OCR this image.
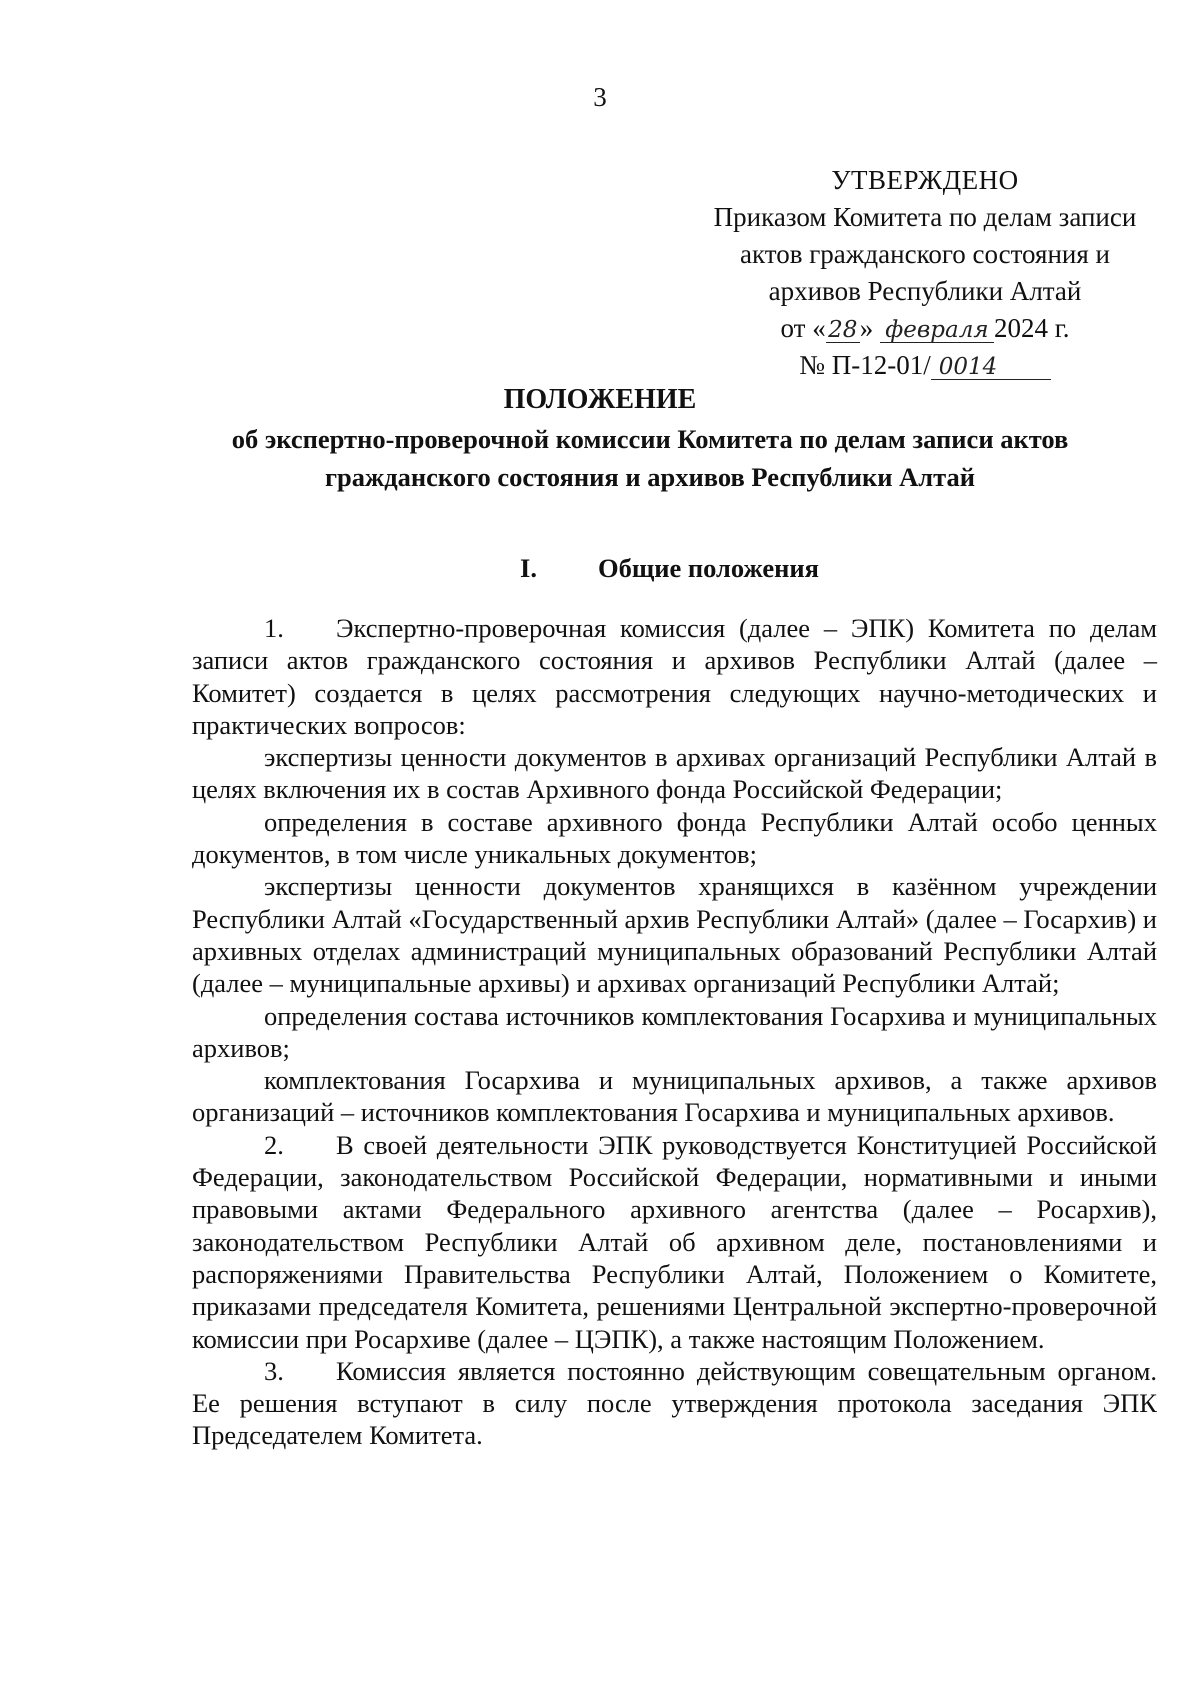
3
УТВЕРЖДЕНО
Приказом Комитета по делам записи
актов гражданского состояния и
архивов Республики Алтай
от « 28» февраля 2024 г.
№ П-12-01/ 0014
ПОЛОЖЕНИЕ
об экспертно-проверочной комиссии Комитета по делам записи актов гражданского состояния и архивов Республики Алтай
I. Общие положения

1. Экспертно-проверочная комиссия (далее – ЭПК) Комитета по делам записи актов гражданского состояния и архивов Республики Алтай (далее – Комитет) создается в целях рассмотрения следующих научно-методических и практических вопросов:

экспертизы ценности документов в архивах организаций Республики Алтай в целях включения их в состав Архивного фонда Российской Федерации;

определения в составе архивного фонда Республики Алтай особо ценных документов, в том числе уникальных документов;

экспертизы ценности документов хранящихся в казённом учреждении Республики Алтай «Государственный архив Республики Алтай» (далее – Госархив) и архивных отделах администраций муниципальных образований Республики Алтай (далее – муниципальные архивы) и архивах организаций Республики Алтай;

определения состава источников комплектования Госархива и муниципальных архивов;

комплектования Госархива и муниципальных архивов, а также архивов организаций – источников комплектования Госархива и муниципальных архивов.

2. В своей деятельности ЭПК руководствуется Конституцией Российской Федерации, законодательством Российской Федерации, нормативными и иными правовыми актами Федерального архивного агентства (далее – Росархив), законодательством Республики Алтай об архивном деле, постановлениями и распоряжениями Правительства Республики Алтай, Положением о Комитете, приказами председателя Комитета, решениями Центральной экспертно-проверочной комиссии при Росархиве (далее – ЦЭПК), а также настоящим Положением.

3. Комиссия является постоянно действующим совещательным органом. Ее решения вступают в силу после утверждения протокола заседания ЭПК Председателем Комитета.
